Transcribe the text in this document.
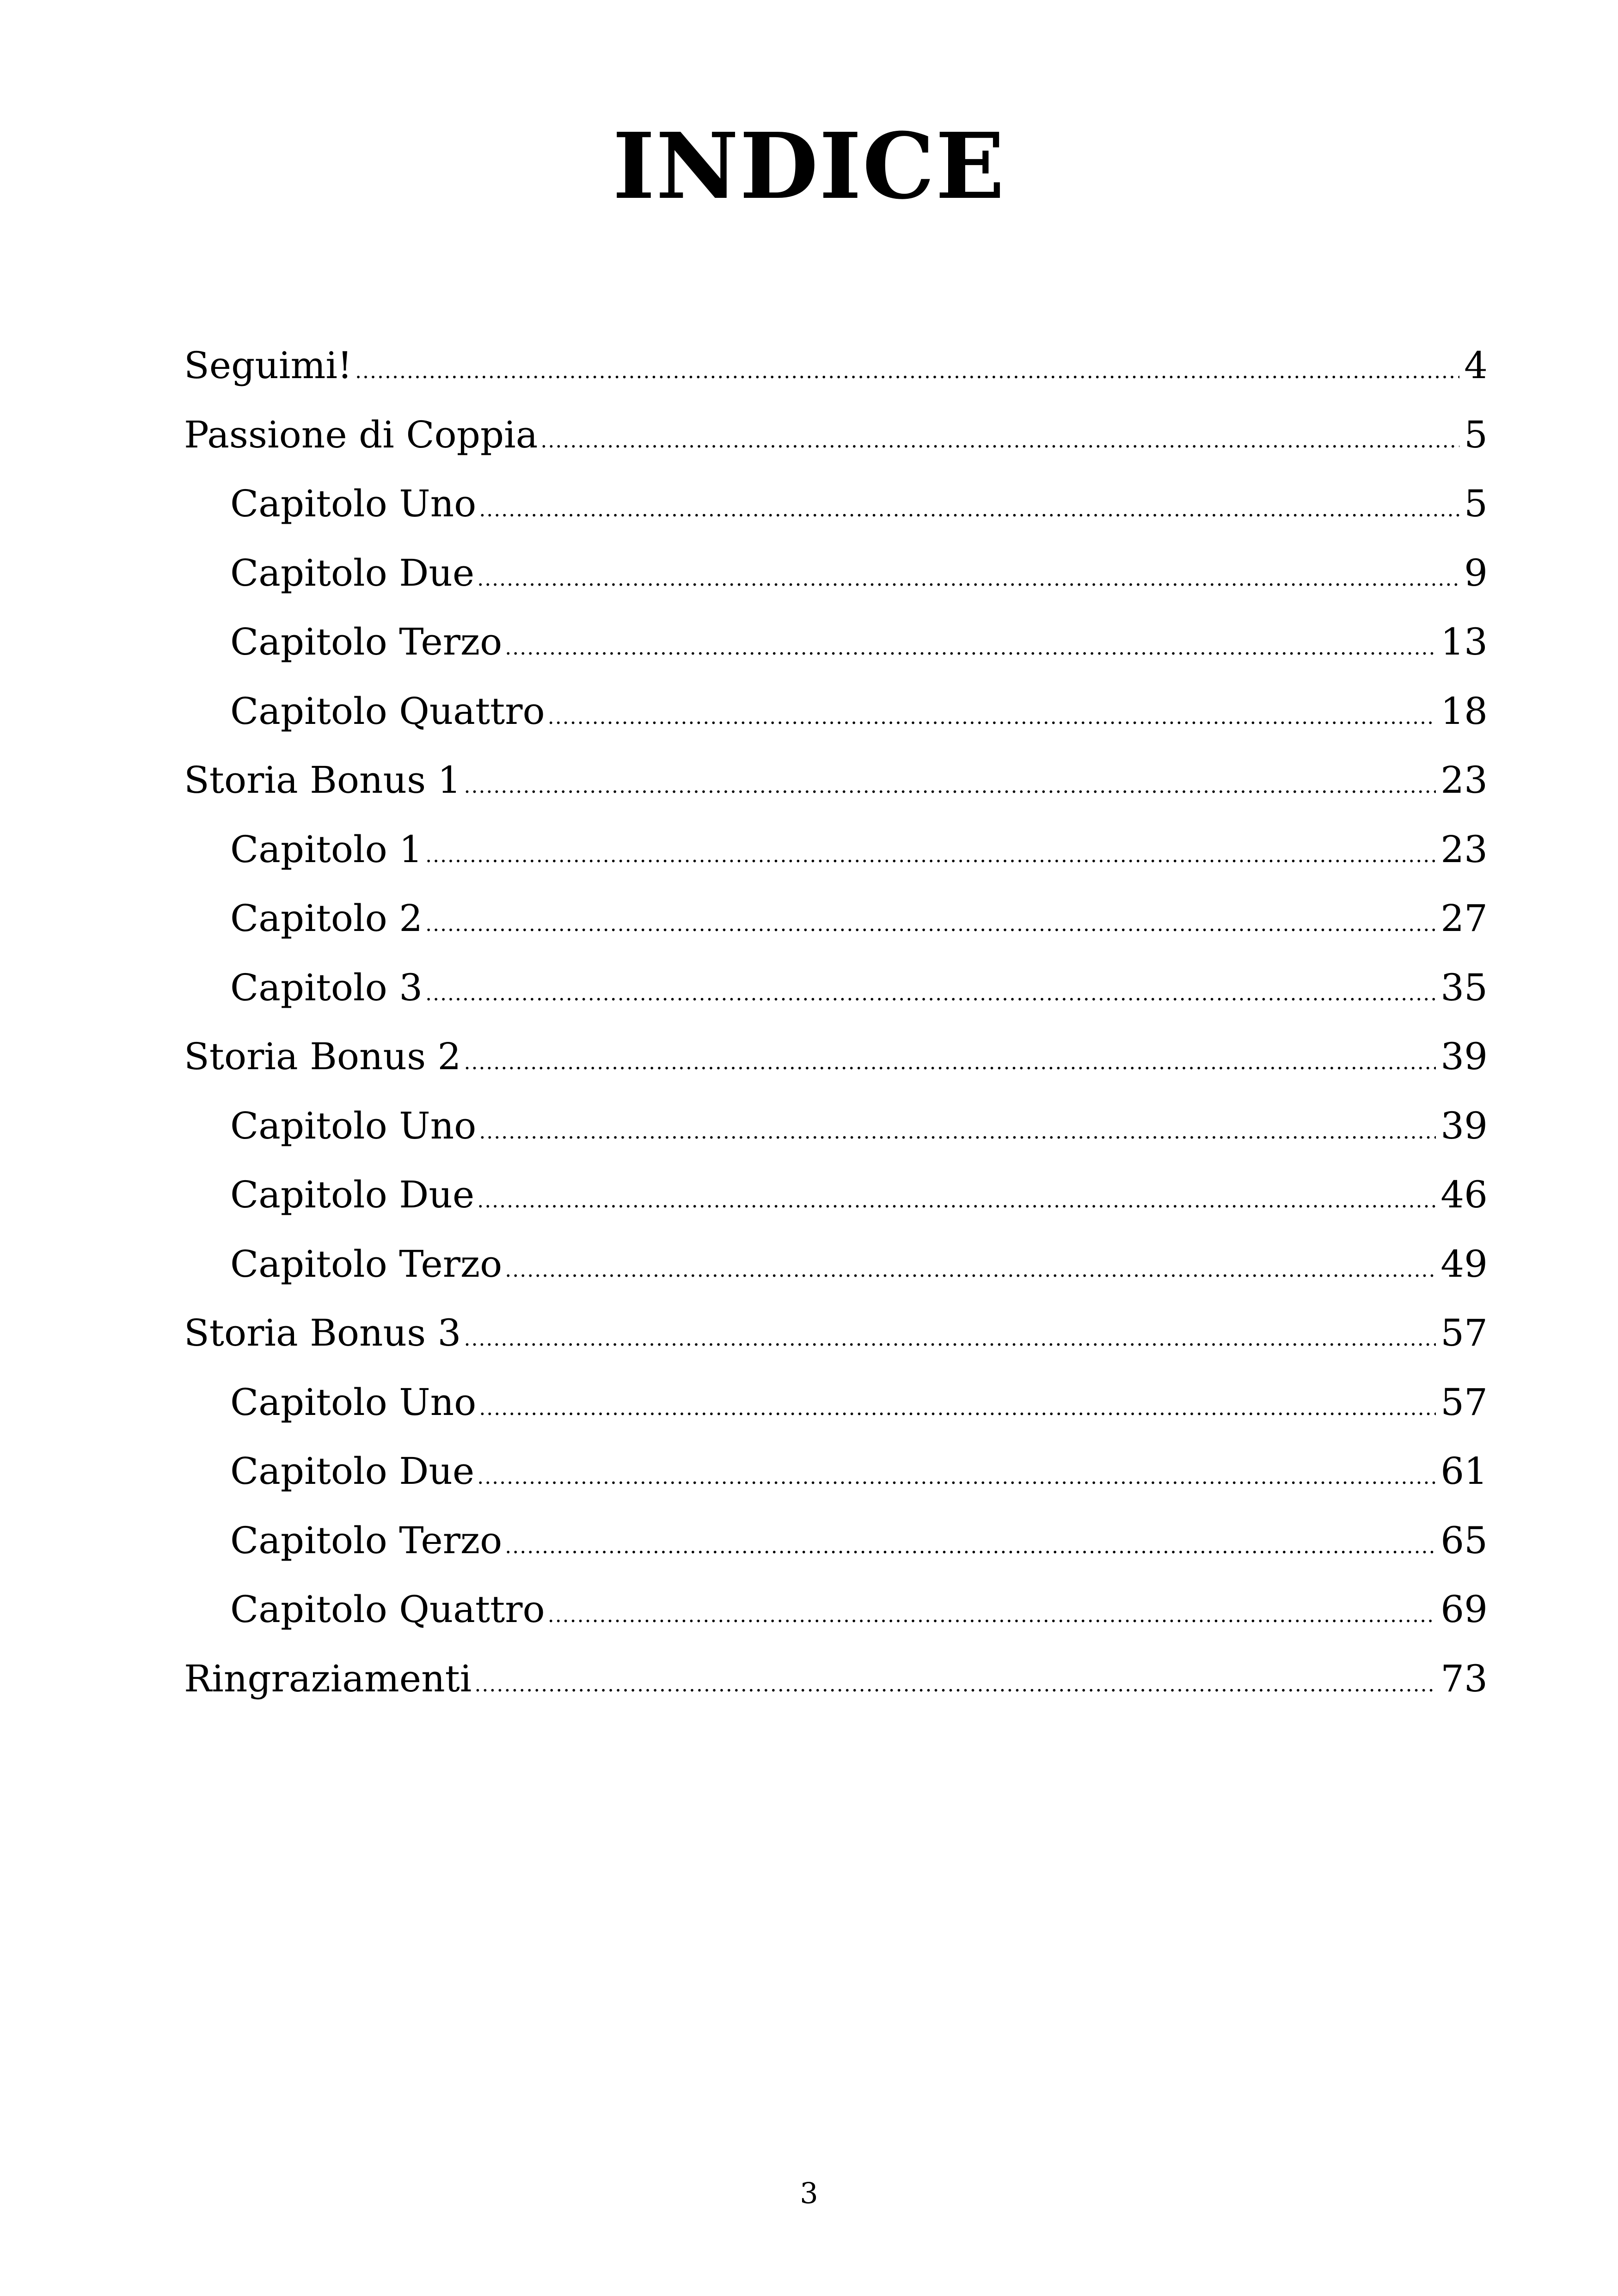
INDICE
Seguimi! .....	4
Passione di Coppia .....	5
Capitolo Uno .....	5
Capitolo Due .....	9
Capitolo Terzo .....	13
Capitolo Quattro .....	18
Storia Bonus 1 .....	23
Capitolo 1 .....	23
Capitolo 2 .....	27
Capitolo 3 .....	35
Storia Bonus 2 .....	39
Capitolo Uno .....	39
Capitolo Due .....	46
Capitolo Terzo .....	49
Storia Bonus 3 .....	57
Capitolo Uno .....	57
Capitolo Due .....	61
Capitolo Terzo .....	65
Capitolo Quattro .....	69
Ringraziamenti .....	73
3
